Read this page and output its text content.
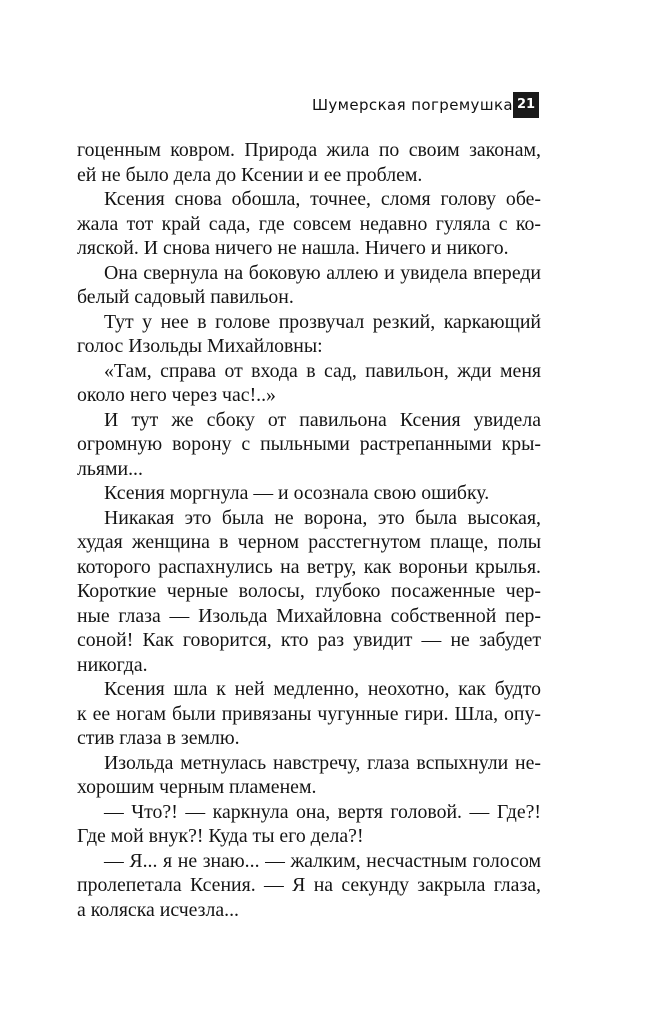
Шумерская погремушка 21
гоценным ковром. Природа жила по своим законам,
ей не было дела до Ксении и ее проблем.
Ксения снова обошла, точнее, сломя голову обе-
жала тот край сада, где совсем недавно гуляла с ко-
ляской. И снова ничего не нашла. Ничего и никого.
Она свернула на боковую аллею и увидела впереди
белый садовый павильон.
Тут у нее в голове прозвучал резкий, каркающий
голос Изольды Михайловны:
«Там, справа от входа в сад, павильон, жди меня
около него через час!..»
И тут же сбоку от павильона Ксения увидела
огромную ворону с пыльными растрепанными кры-
льями...
Ксения моргнула — и осознала свою ошибку.
Никакая это была не ворона, это была высокая,
худая женщина в черном расстегнутом плаще, полы
которого распахнулись на ветру, как вороньи крылья.
Короткие черные волосы, глубоко посаженные чер-
ные глаза — Изольда Михайловна собственной пер-
соной! Как говорится, кто раз увидит — не забудет
никогда.
Ксения шла к ней медленно, неохотно, как будто
к ее ногам были привязаны чугунные гири. Шла, опу-
стив глаза в землю.
Изольда метнулась навстречу, глаза вспыхнули не-
хорошим черным пламенем.
— Что?! — каркнула она, вертя головой. — Где?!
Где мой внук?! Куда ты его дела?!
— Я... я не знаю... — жалким, несчастным голосом
пролепетала Ксения. — Я на секунду закрыла глаза,
а коляска исчезла...
